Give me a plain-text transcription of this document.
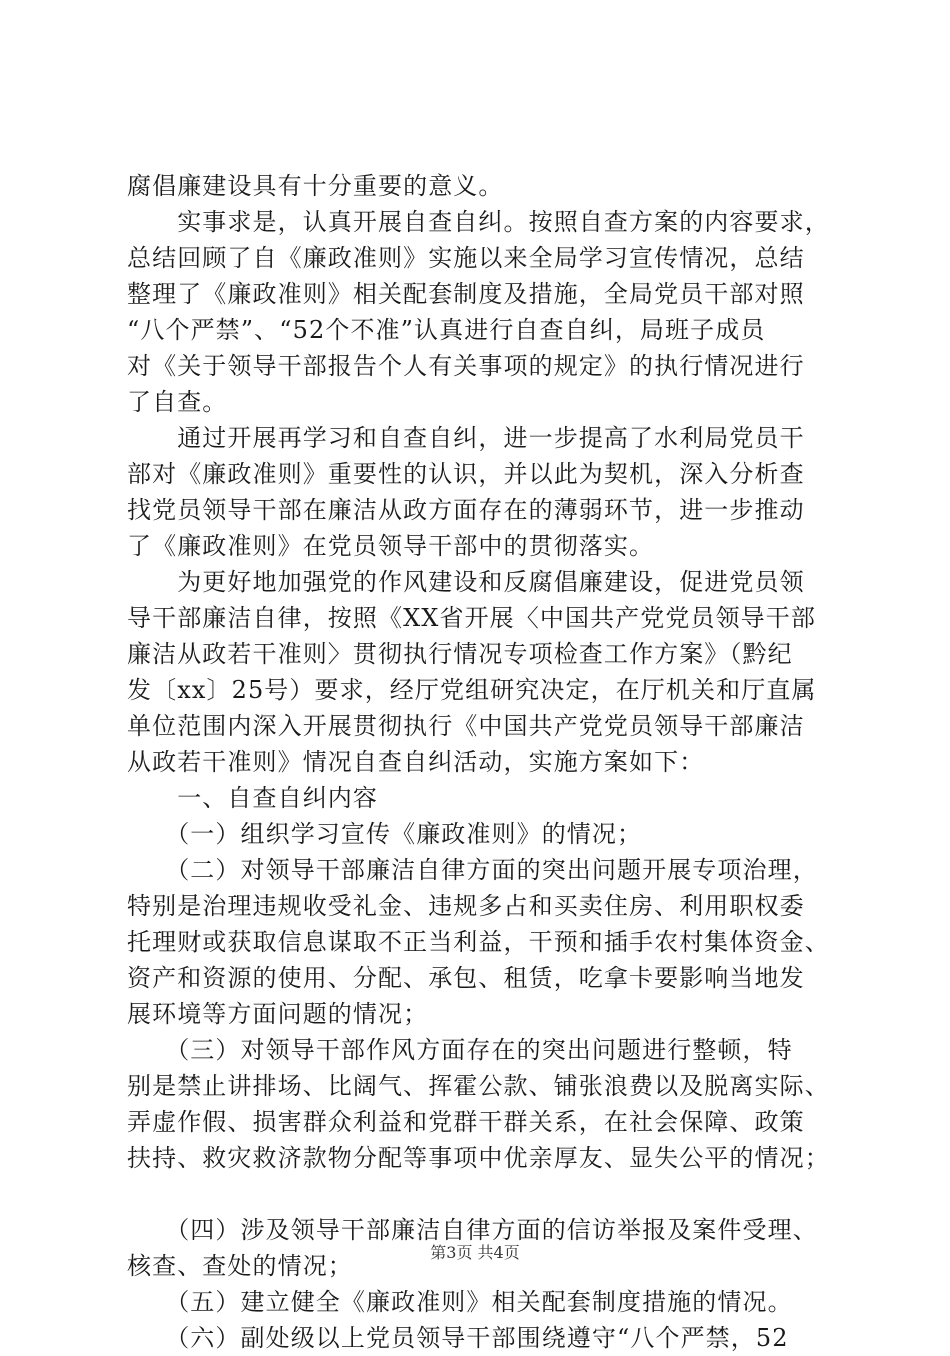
腐倡廉建设具有十分重要的意义。
　　实事求是，认真开展自查自纠。按照自查方案的内容要求，
总结回顾了自《廉政准则》实施以来全局学习宣传情况，总结
整理了《廉政准则》相关配套制度及措施，全局党员干部对照
“八个严禁”、“52个不准”认真进行自查自纠，局班子成员
对《关于领导干部报告个人有关事项的规定》的执行情况进行
了自查。
　　通过开展再学习和自查自纠，进一步提高了水利局党员干
部对《廉政准则》重要性的认识，并以此为契机，深入分析查
找党员领导干部在廉洁从政方面存在的薄弱环节，进一步推动
了《廉政准则》在党员领导干部中的贯彻落实。
　　为更好地加强党的作风建设和反腐倡廉建设，促进党员领
导干部廉洁自律，按照《XX省开展〈中国共产党党员领导干部
廉洁从政若干准则〉贯彻执行情况专项检查工作方案》（黔纪
发〔xx〕25号）要求，经厅党组研究决定，在厅机关和厅直属
单位范围内深入开展贯彻执行《中国共产党党员领导干部廉洁
从政若干准则》情况自查自纠活动，实施方案如下：
　　一、自查自纠内容
　　（一）组织学习宣传《廉政准则》的情况；
　　（二）对领导干部廉洁自律方面的突出问题开展专项治理，
特别是治理违规收受礼金、违规多占和买卖住房、利用职权委
托理财或获取信息谋取不正当利益，干预和插手农村集体资金、
资产和资源的使用、分配、承包、租赁，吃拿卡要影响当地发
展环境等方面问题的情况；
　　（三）对领导干部作风方面存在的突出问题进行整顿，特
别是禁止讲排场、比阔气、挥霍公款、铺张浪费以及脱离实际、
弄虚作假、损害群众利益和党群干群关系，在社会保障、政策
扶持、救灾救济款物分配等事项中优亲厚友、显失公平的情况；
　　（四）涉及领导干部廉洁自律方面的信访举报及案件受理、
核查、查处的情况；
　　（五）建立健全《廉政准则》相关配套制度措施的情况。
　　（六）副处级以上党员领导干部围绕遵守“八个严禁，52
第3页 共4页
